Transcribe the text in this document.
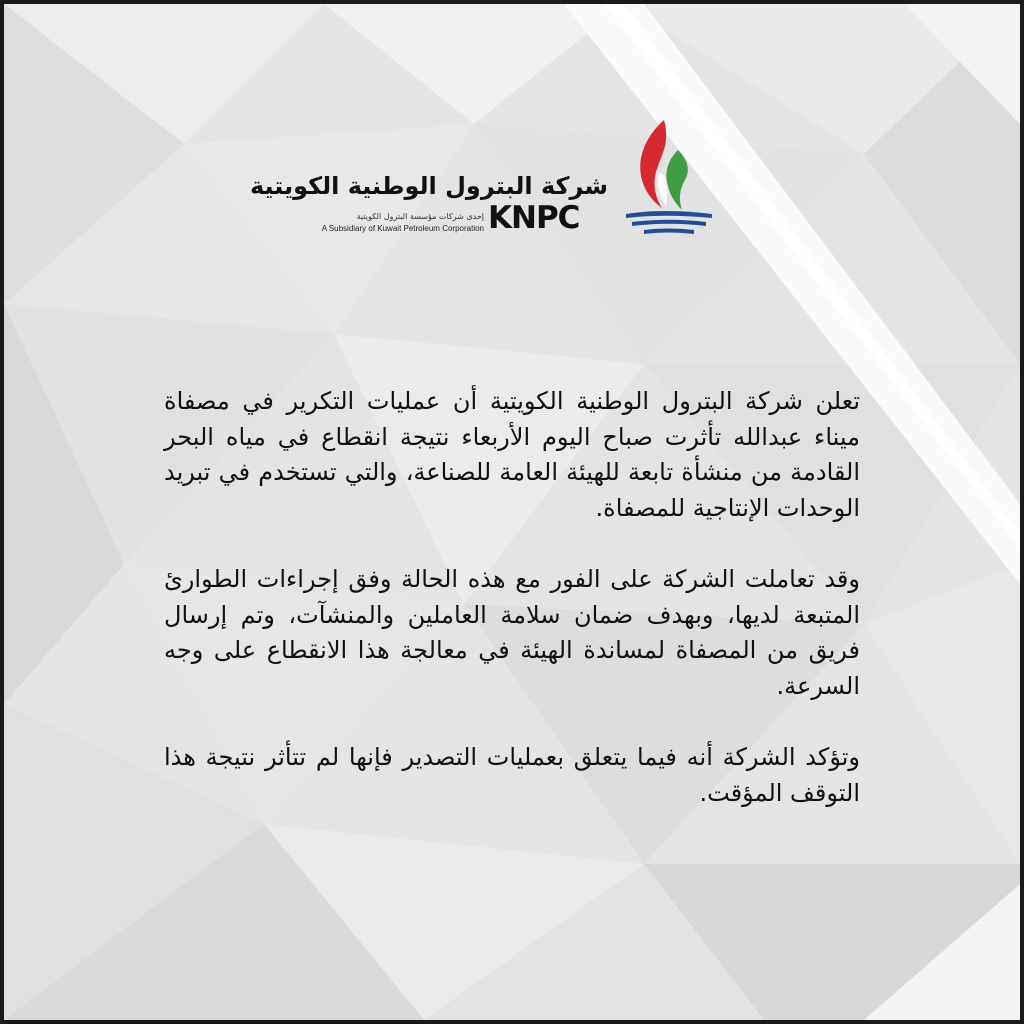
شركة البترول الوطنية الكويتية
KNPC
إحدى شركات مؤسسة البترول الكويتية
A Subsidiary of Kuwait Petroleum Corporation

تعلن شركة البترول الوطنية الكويتية أن عمليات التكرير في مصفاة ميناء عبدالله تأثرت صباح اليوم الأربعاء نتيجة انقطاع في مياه البحر القادمة من منشأة تابعة للهيئة العامة للصناعة، والتي تستخدم في تبريد الوحدات الإنتاجية للمصفاة.

وقد تعاملت الشركة على الفور مع هذه الحالة وفق إجراءات الطوارئ المتبعة لديها، وبهدف ضمان سلامة العاملين والمنشآت، وتم إرسال فريق من المصفاة لمساندة الهيئة في معالجة هذا الانقطاع على وجه السرعة.

وتؤكد الشركة أنه فيما يتعلق بعمليات التصدير فإنها لم تتأثر نتيجة هذا التوقف المؤقت.
